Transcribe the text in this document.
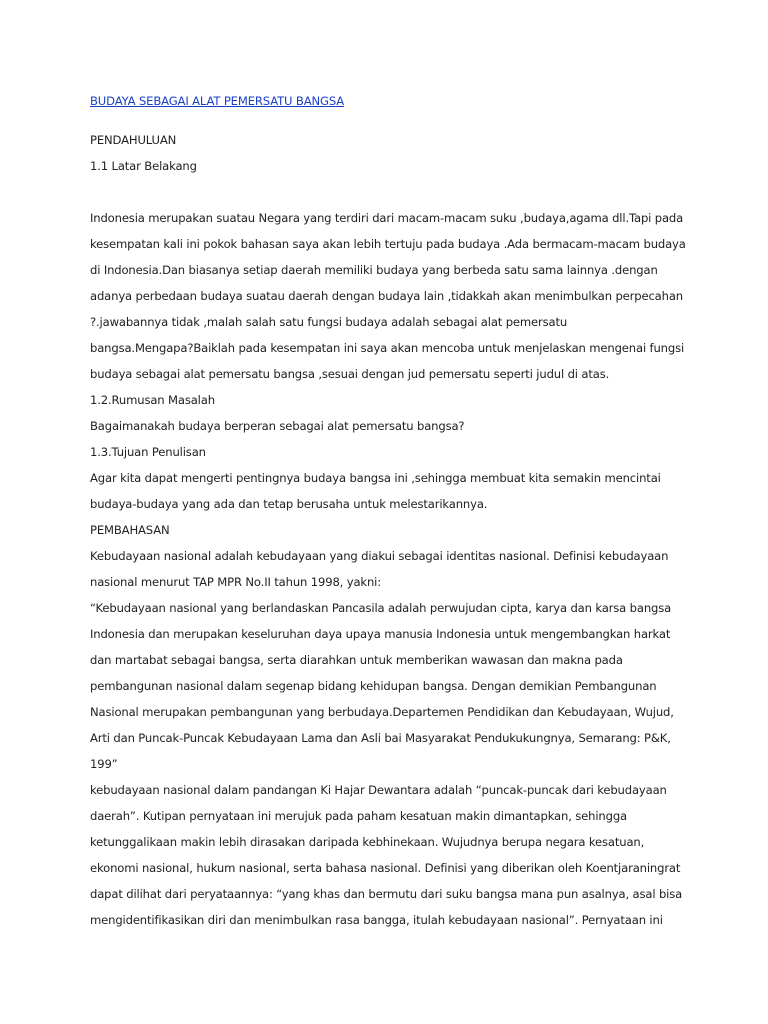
BUDAYA SEBAGAI ALAT PEMERSATU BANGSA
PENDAHULUAN
1.1 Latar Belakang
Indonesia merupakan suatau Negara yang terdiri dari macam-macam suku ,budaya,agama dll.Tapi pada
kesempatan kali ini pokok bahasan saya akan lebih tertuju pada budaya .Ada bermacam-macam budaya
di Indonesia.Dan biasanya setiap daerah memiliki budaya yang berbeda satu sama lainnya .dengan
adanya perbedaan budaya suatau daerah dengan budaya lain ,tidakkah akan menimbulkan perpecahan
?.jawabannya tidak ,malah salah satu fungsi budaya adalah sebagai alat pemersatu
bangsa.Mengapa?Baiklah pada kesempatan ini saya akan mencoba untuk menjelaskan mengenai fungsi
budaya sebagai alat pemersatu bangsa ,sesuai dengan jud pemersatu seperti judul di atas.
1.2.Rumusan Masalah
Bagaimanakah budaya berperan sebagai alat pemersatu bangsa?
1.3.Tujuan Penulisan
Agar kita dapat mengerti pentingnya budaya bangsa ini ,sehingga membuat kita semakin mencintai
budaya-budaya yang ada dan tetap berusaha untuk melestarikannya.
PEMBAHASAN
Kebudayaan nasional adalah kebudayaan yang diakui sebagai identitas nasional. Definisi kebudayaan
nasional menurut TAP MPR No.II tahun 1998, yakni:
“Kebudayaan nasional yang berlandaskan Pancasila adalah perwujudan cipta, karya dan karsa bangsa
Indonesia dan merupakan keseluruhan daya upaya manusia Indonesia untuk mengembangkan harkat
dan martabat sebagai bangsa, serta diarahkan untuk memberikan wawasan dan makna pada
pembangunan nasional dalam segenap bidang kehidupan bangsa. Dengan demikian Pembangunan
Nasional merupakan pembangunan yang berbudaya.Departemen Pendidikan dan Kebudayaan, Wujud,
Arti dan Puncak-Puncak Kebudayaan Lama dan Asli bai Masyarakat Pendukukungnya, Semarang: P&K,
199”
kebudayaan nasional dalam pandangan Ki Hajar Dewantara adalah “puncak-puncak dari kebudayaan
daerah”. Kutipan pernyataan ini merujuk pada paham kesatuan makin dimantapkan, sehingga
ketunggalikaan makin lebih dirasakan daripada kebhinekaan. Wujudnya berupa negara kesatuan,
ekonomi nasional, hukum nasional, serta bahasa nasional. Definisi yang diberikan oleh Koentjaraningrat
dapat dilihat dari peryataannya: “yang khas dan bermutu dari suku bangsa mana pun asalnya, asal bisa
mengidentifikasikan diri dan menimbulkan rasa bangga, itulah kebudayaan nasional”. Pernyataan ini
